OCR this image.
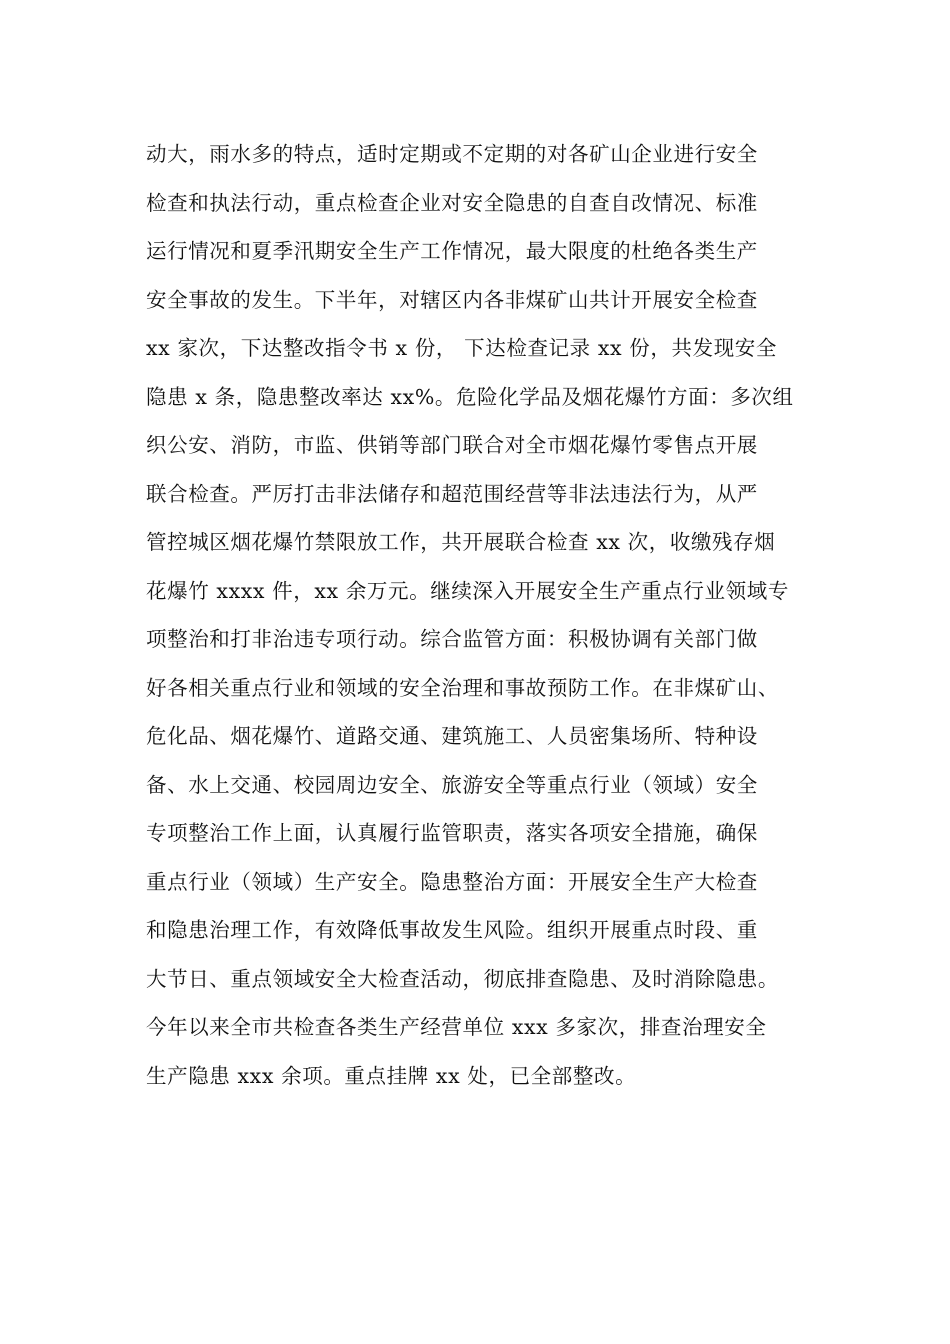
动大，雨水多的特点，适时定期或不定期的对各矿山企业进行安全
检查和执法行动，重点检查企业对安全隐患的自查自改情况、标准
运行情况和夏季汛期安全生产工作情况，最大限度的杜绝各类生产
安全事故的发生。下半年，对辖区内各非煤矿山共计开展安全检查
xx 家次，下达整改指令书 x 份， 下达检查记录 xx 份，共发现安全
隐患 x 条，隐患整改率达 xx%。危险化学品及烟花爆竹方面：多次组
织公安、消防，市监、供销等部门联合对全市烟花爆竹零售点开展
联合检查。严厉打击非法储存和超范围经营等非法违法行为，从严
管控城区烟花爆竹禁限放工作，共开展联合检查 xx 次，收缴残存烟
花爆竹 xxxx 件，xx 余万元。继续深入开展安全生产重点行业领域专
项整治和打非治违专项行动。综合监管方面：积极协调有关部门做
好各相关重点行业和领域的安全治理和事故预防工作。在非煤矿山、
危化品、烟花爆竹、道路交通、建筑施工、人员密集场所、特种设
备、水上交通、校园周边安全、旅游安全等重点行业（领域）安全
专项整治工作上面，认真履行监管职责，落实各项安全措施，确保
重点行业（领域）生产安全。隐患整治方面：开展安全生产大检查
和隐患治理工作，有效降低事故发生风险。组织开展重点时段、重
大节日、重点领域安全大检查活动，彻底排查隐患、及时消除隐患。
今年以来全市共检查各类生产经营单位 xxx 多家次，排查治理安全
生产隐患 xxx 余项。重点挂牌 xx 处，已全部整改。
